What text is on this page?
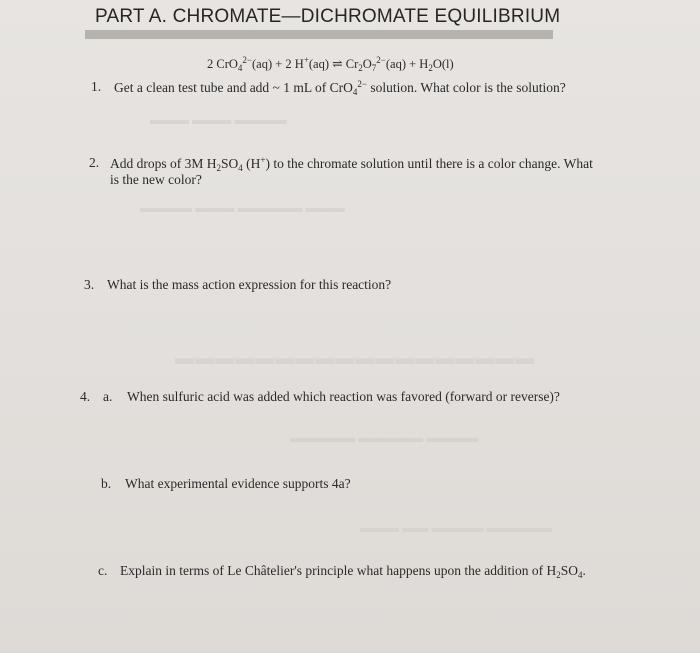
PART A. CHROMATE—DICHROMATE EQUILIBRIUM
2 CrO$_4^{2-}$(aq) + 2 H+(aq) ⇌ $Cr_2O_7^{2-}(aq) + H_2O(l)$
▬▬▬ ▬▬▬ ▬▬▬▬
▬▬▬▬ ▬▬▬ ▬▬▬▬▬ ▬▬▬
▬▬▬▬▬▬▬▬▬▬▬▬▬▬▬▬▬▬
▬▬▬▬▬ ▬▬▬▬▬ ▬▬▬▬
▬▬▬ ▬▬ ▬▬▬▬ ▬▬▬▬▬
1. Get a clean test tube and add ~ 1 mL of CrO$_4^{2-}$ solution. What color is the solution?
2. Add drops of 3M $H_2SO_4$ (H+) to the chromate solution until there is a color change. What
is the new color?
3. What is the mass action expression for this reaction?
4. a. When sulfuric acid was added which reaction was favored (forward or reverse)?
b. What experimental evidence supports 4a?
c. Explain in terms of Le Châtelier's principle what happens upon the addition of $H_2SO_4$.
